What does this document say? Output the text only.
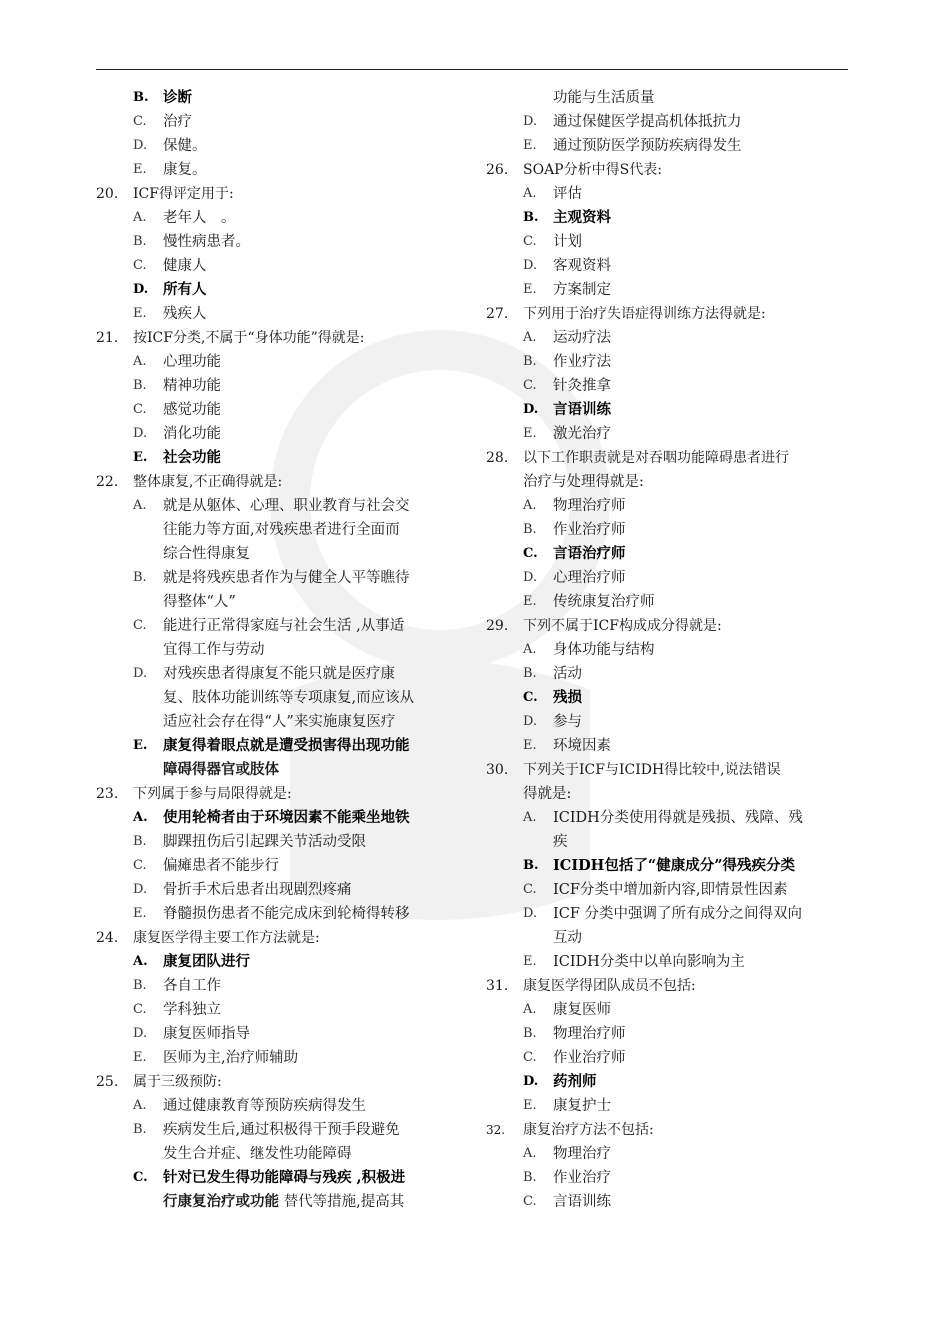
B. 诊断
C.	治疗
D.	保健。
E.	康复。
20.	ICF得评定用于:
A.	老年人　。
B.	慢性病患者。
C.	健康人
D.	所有人
E.	残疾人
21.	按ICF分类,不属于“身体功能”得就是:
A.	心理功能
B.	精神功能
C.	感觉功能
D.	消化功能
E.	社会功能
22.	整体康复,不正确得就是:
A.	就是从躯体、心理、职业教育与社会交
往能力等方面,对残疾患者进行全面而
综合性得康复
B.	就是将残疾患者作为与健全人平等瞧待
得整体“人”
C.	能进行正常得家庭与社会生活 ,从事适
宜得工作与劳动
D.	对残疾患者得康复不能只就是医疗康
复、肢体功能训练等专项康复,而应该从
适应社会存在得“人”来实施康复医疗
E.	康复得着眼点就是遭受损害得出现功能
障碍得器官或肢体
23.	下列属于参与局限得就是:
A.	使用轮椅者由于环境因素不能乘坐地铁
B.	脚踝扭伤后引起踝关节活动受限
C.	偏瘫患者不能步行
D.	骨折手术后患者出现剧烈疼痛
E.	脊髓损伤患者不能完成床到轮椅得转移
24.	康复医学得主要工作方法就是:
A.	康复团队进行
B.	各自工作
C.	学科独立
D.	康复医师指导
E.	医师为主,治疗师辅助
25.	属于三级预防:
A.	通过健康教育等预防疾病得发生
B.	疾病发生后,通过积极得干预手段避免
发生合并症、继发性功能障碍
C.	针对已发生得功能障碍与残疾 ,积极进
行康复治疗或功能 替代等措施,提高其
功能与生活质量
D.	通过保健医学提高机体抵抗力
E.	通过预防医学预防疾病得发生
26.	SOAP分析中得S代表:
A.	评估
B. 主观资料
C.	计划
D.	客观资料
E.	方案制定
27.	下列用于治疗失语症得训练方法得就是:
A.	运动疗法
B.	作业疗法
C.	针灸推拿
D.	言语训练
E.	激光治疗
28.	以下工作职责就是对吞咽功能障碍患者进行
治疗与处理得就是:
A.	物理治疗师
B.	作业治疗师
C.	言语治疗师
D.	心理治疗师
E.	传统康复治疗师
29.	下列不属于ICF构成成分得就是:
A.	身体功能与结构
B.	活动
C.	残损
D.	参与
E.	环境因素
30.	下列关于ICF与ICIDH得比较中,说法错误
得就是:
A.	ICIDH分类使用得就是残损、残障、残
疾
B. ICIDH包括了“健康成分”得残疾分类
C.	ICF分类中增加新内容,即情景性因素
D.	ICF 分类中强调了所有成分之间得双向
互动
E.	ICIDH分类中以单向影响为主
31.	康复医学得团队成员不包括:
A.	康复医师
B.	物理治疗师
C.	作业治疗师
D.	药剂师
E.	康复护士
32.	康复治疗方法不包括:
A.	物理治疗
B.	作业治疗
C.	言语训练
